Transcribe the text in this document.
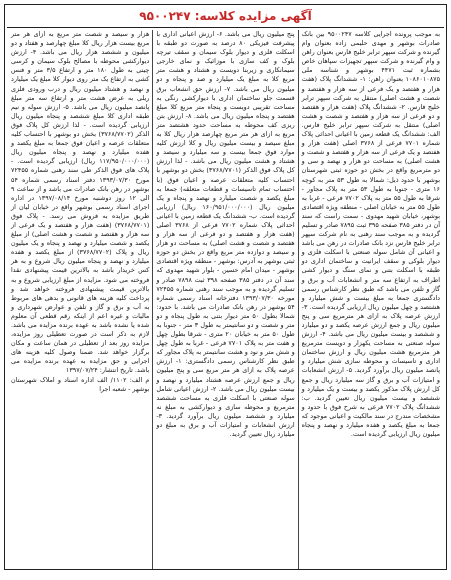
آگهی مزایده کلاسه: ۹۵۰۰۲۴۷

به موجب پرونده اجرایی کلاسه ۹۵۰۰۲۴۷ بین بانک صادرات بوشهر و مهدی حلیمی زاده بعنوان وام گیرنده و شرکت سپهر ترابر خلیج فارس بعنوان راهن و وام گیرنده و شرکت سپهر تجهیزات سپاهان خاص بشماره ثبت ۴۴۷۱ بوشهر و شناسه ملی ۱۰۸۶۰۱۰۸۷۵ بعنوان راهن: ۱- ششدانگ پلاک (هفت هزار و هفتصد و یک فرعی از سه هزار و هفتصد و شصت و هشت اصلی) منتقل به شرکت سپهر ترابر خلیج فارس. ۲- ششدانگ پلاک (هفت هزار و هفتصد و دو فرعی از سه هزار و هفتصد و شصت و هشت اصلی) منتقل به شرکت سپهر ترابر خلیج فارس. الف: ششدانگ یک قطعه زمین با اعیانی احداثی پلاک شماره ۷۷۰۱ فرعی از ۳۷۶۸ اصلی (هفت هزار و هفتصد و یک فرعی از سه هزار و هفتصد و شصت و هشت اصلی) به مساحت دو هزار و نهصد و سی و دو مترمربع واقع در بخش دو حوزه ثبتی شهرستان بوشهر با حدود ذیل: شمالا به طول ۵۳ متر به کوچه ۱۶ متری - جنوبا به طول ۵۳ متر به پلاک مجاور - شرقا به طول ۵۵ متر به پلاک ۷۷۰۲ فرعی - غربا به طول ۵۵ متر به خیابان اصلی - منطقه ویژه اقتصادی بوشهر، خیابان شهید مهدوی - سمت راست که سند آن در دفتر ۳۸۵ صفحه ۳۹۵ ثبت ۷۸۹۵ صادر و تسلیم گردیده و به موجب سند رهنی به نام شرکت سپهر ترابر خلیج فارس نزد بانک صادرات در رهن می باشد و اعیانی آن شامل سوله صنعتی با اسکلت فلزی و دیوار بلوکی و سقف ایرانیت و ساختمان اداری دو طبقه با اسکلت بتنی و نمای سنگ و دیوار کشی اطراف به ارتفاع سه متر و انشعابات آب و برق و گاز و تلفن می باشد که طبق نظر کارشناس رسمی دادگستری جمعا به مبلغ بیست و شش میلیارد و هشتصد و چهل میلیون ریال ارزیابی گردیده است. ۳- ارزش عرصه پلاک به ازای هر مترمربع سی و پنج میلیون ریال و جمع ارزش عرصه یکصد و دو میلیارد و ششصد و بیست میلیون ریال می باشد. ۴- ارزش سوله صنعتی به مساحت یکهزار و دویست مترمربع هر مترمربع هشت میلیون ریال و ارزش ساختمان اداری و تاسیسات و محوطه سازی شش میلیارد و پانصد میلیون ریال برآورد گردید. ۵- ارزش انشعابات و امتیازات آب و برق و گاز سه میلیارد ریال و جمع کل ارزش پلاک مذکور یکصد و بیست و یک میلیارد و ششصد و بیست میلیون ریال تعیین گردید. ب: ششدانگ پلاک ۷۷۰۲ فرعی به شرح فوق با حدود و مشخصات مندرج در سند مالکیت و اعیانی موجود که جمعا به مبلغ یکصد و هفده میلیارد و نهصد و پنجاه میلیون ریال ارزیابی گردیده است.

پنج میلیون ریال می باشد. ۶- ارزش اعیانی اداری با پیشرفت فیزیکی ۸۰ درصد به صورت دو طبقه با اسکلت فلزی و دیوار بلوک سیمان و سقف تیرچه بلوک و کف سازی با موزائیک و نمای خارجی سیمانکاری و زیربنا دویست و هشتاد و هشت متر مربع کلا به مبلغ یک میلیارد و صد و پنجاه و دو میلیون ریال می باشد. ۷- ارزش حق انشعاب برق قسمت جلو ساختمان اداری با دیوارکشی رنگی به مساحت تقریبی دویست و پنجاه متر مربع کلا مبلغ هفتصد و پنجاه میلیون ریال می باشد. ۸- ارزش بتن ریزی کف محوطه به مساحت حدود هشتصد متر مربع به ازای هر متر مربع چهارصد هزار ریال کلا به مبلغ سیصد و بیست میلیون ریال و کلا ارزش کلیه موارد فوق جمعا بیست و سه میلیارد و سیصد و هشتاد و هشت میلیون ریال می باشد. - لذا ارزش کل پلاک فوق الذکر (۳۷۶۸/۷۷۰۱) بخش دو بوشهر با احتساب کلیه متعلقات عرصه و اعیان فوق (با احتساب تمام تاسیسات و قطعات متعلقه) جمعا به مبلغ یکصد و شصت میلیارد و نهصد و پنجاه و یک میلیون ریال (۱۶۰/۹۵۱/۰۰۰/۰۰۰ ریال) ارزیابی گردیده است. ب- ششدانگ یک قطعه زمین با اعیانی احداثی پلاک شماره ۷۷۰۲ فرعی از ۳۷۶۸ اصلی (هفت هزار و هفتصد و دو فرعی از سه هزار و هفتصد و شصت و هشت اصلی) به مساحت دو هزار و سیصد و دوازده متر مربع واقع در بخش دو حوزه ثبتی بوشهر به آدرس: بوشهر - منطقه ویژه اقتصادی بوشهر - میدان امام حسین - بلوار شهید مهدوی که سند آن در دفتر ۳۸۵ صفحه ۳۹۸ ثبت ۷۸۹۸ صادر و تسلیم گردیده و به موجب سند رهنی شماره ۷۲۴۵۵ مورخه ۱۳۹۳/۰۷/۳۰ دفترخانه اسناد رسمی شماره ۵۴ بوشهر در رهن بانک صادرات می باشد. با حدود: شمالا بطول ۵۰ متر دیوار بتنی به طول پنجاه و دو متر و شصت و دو سانتیمتر به طول ۳ متر - جنوبا به طول ۵۰ متر به خیابان ۲۰ متری - شرقا بطول چهل و هفت متر به پلاک ۷۷۰۱ فرعی - غربا به طول چهل و شش متر و نود و هشت سانتیمتر به پلاک مجاور که طبق نظر کارشناس رسمی دادگستری: ۱- ارزش عرصه پلاک به ازای هر متر مربع سی و پنج میلیون ریال و جمع ارزش عرصه هشتاد میلیارد و نهصد و بیست میلیون ریال می باشد. ۲- ارزش اعیانی شامل سوله صنعتی با اسکلت فلزی به مساحت ششصد مترمربع و محوطه سازی و دیوارکشی به مبلغ نه میلیارد و ششصد میلیون ریال برآورد گردید. ۳- ارزش انشعابات و امتیازات آب و برق به مبلغ دو میلیارد ریال تعیین گردید.

هزار و سیصد و شصت متر مربع به ازای هر متر مربع بیست هزار ریال کلا مبلغ چهارصد و هفتاد و دو میلیون و ششصد هزار ریال می باشد. ۴- ارزش دیوارکشی محوطه با مصالح بلوک سیمان و کرسی چینی به طول ۱۸۰ متر و ارتفاع ۳/۵ متر و فنس کشی به ارتفاع یک متر روی دیوار کلا مبلغ یک میلیارد و نهصد و هشتاد میلیون ریال و درب ورودی فلزی ریلی به عرض هشت متر و ارتفاع سه متر مبلغ پانصد میلیون ریال می باشد. ۵- ارزش سوله و نیم طبقه اداری کلا مبلغ ششصد و پنجاه میلیون ریال ارزیابی گردیده است. - لذا ارزش کل پلاک فوق الذکر (۳۷۶۸/۷۷۰۲) بخش دو بوشهر با احتساب کلیه متعلقات عرصه و اعیان فوق جمعا به مبلغ یکصد و هفده میلیارد و نهصد و پنجاه میلیون ریال (۱۱۷/۹۵۰/۰۰۰/۰۰۰ ریال) ارزیابی گردیده است. - پلاک های فوق الذکر طی سند رهنی شماره ۷۲۴۵۵ مورخ ۱۳۹۳/۰۷/۳۰ دفتر اسناد رسمی شماره ۵۴ بوشهر در رهن بانک صادرات می باشد و از ساعت ۹ الی ۱۲ روز دوشنبه مورخ ۱۳۹۷/۰۸/۱۴ در اداره اجرای اسناد رسمی بوشهر واقع در خیابان لیان از طریق مزایده به فروش می رسد. - پلاک فوق (۳۷۶۸/۷۷۰۱) (هفت هزار و هفتصد و یک فرعی از سه هزار و هفتصد و شصت و هشت اصلی) از مبلغ یکصد و شصت میلیارد و نهصد و پنجاه و یک میلیون ریال و پلاک (۳۷۶۸/۷۷۰۲) از مبلغ یکصد و هفده میلیارد و نهصد و پنجاه میلیون ریال شروع و به هر کس خریدار باشد به بالاترین قیمت پیشنهادی نقدا فروخته می شود. مزایده از مبلغ ارزیابی شروع و به بالاترین قیمت پیشنهادی فروخته خواهد شد و پرداخت کلیه هزینه های قانونی و بدهی های مربوط به آب و برق و گاز و تلفن و عوارض شهرداری و مالیات و غیره اعم از اینکه رقم قطعی آن معلوم شده یا نشده باشد به عهده برنده مزایده می باشد. لازم به ذکر است در صورت تعطیلی روز مزایده، مزایده روز بعد از تعطیلی در همان ساعت و مکان برگزار خواهد شد. ضمنا وصول کلیه هزینه های اجرایی و حق مزایده به عهده برنده مزایده می باشد. تاریخ انتشار: ۱۳۹۷/۰۷/۲۴

م الف: ۱۱۰۲/ الف اداره اسناد و املاک شهرستان بوشهر - شعبه اجرا
